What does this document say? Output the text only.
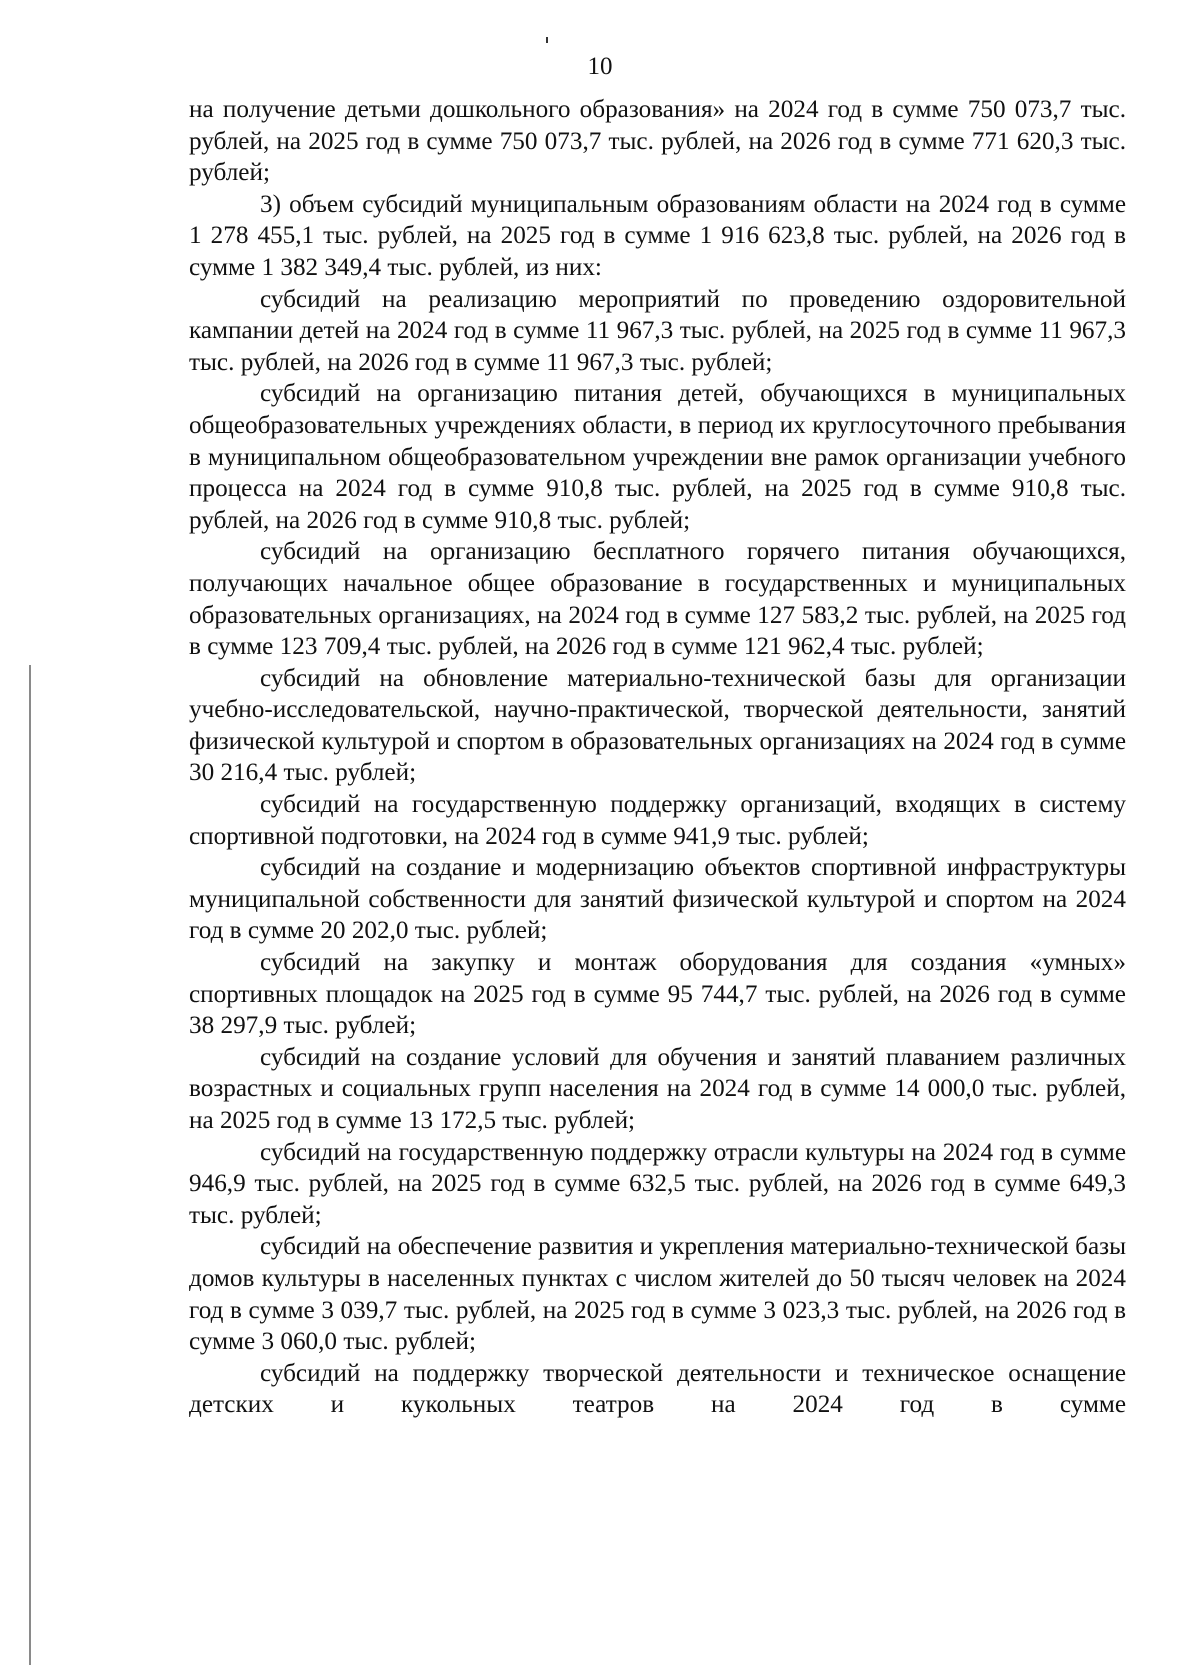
10

на получение детьми дошкольного образования» на 2024 год в сумме 750 073,7 тыс. рублей, на 2025 год в сумме 750 073,7 тыс. рублей, на 2026 год в сумме 771 620,3 тыс. рублей;

3) объем субсидий муниципальным образованиям области на 2024 год в сумме 1 278 455,1 тыс. рублей, на 2025 год в сумме 1 916 623,8 тыс. рублей, на 2026 год в сумме 1 382 349,4 тыс. рублей, из них:

субсидий на реализацию мероприятий по проведению оздоровительной кампании детей на 2024 год в сумме 11 967,3 тыс. рублей, на 2025 год в сумме 11 967,3 тыс. рублей, на 2026 год в сумме 11 967,3 тыс. рублей;

субсидий на организацию питания детей, обучающихся в муниципальных общеобразовательных учреждениях области, в период их круглосуточного пребывания в муниципальном общеобразовательном учреждении вне рамок организации учебного процесса на 2024 год в сумме 910,8 тыс. рублей, на 2025 год в сумме 910,8 тыс. рублей, на 2026 год в сумме 910,8 тыс. рублей;

субсидий на организацию бесплатного горячего питания обучающихся, получающих начальное общее образование в государственных и муниципальных образовательных организациях, на 2024 год в сумме 127 583,2 тыс. рублей, на 2025 год в сумме 123 709,4 тыс. рублей, на 2026 год в сумме 121 962,4 тыс. рублей;

субсидий на обновление материально-технической базы для организации учебно-исследовательской, научно-практической, творческой деятельности, занятий физической культурой и спортом в образовательных организациях на 2024 год в сумме 30 216,4 тыс. рублей;

субсидий на государственную поддержку организаций, входящих в систему спортивной подготовки, на 2024 год в сумме 941,9 тыс. рублей;

субсидий на создание и модернизацию объектов спортивной инфраструктуры муниципальной собственности для занятий физической культурой и спортом на 2024 год в сумме 20 202,0 тыс. рублей;

субсидий на закупку и монтаж оборудования для создания «умных» спортивных площадок на 2025 год в сумме 95 744,7 тыс. рублей, на 2026 год в сумме 38 297,9 тыс. рублей;

субсидий на создание условий для обучения и занятий плаванием различных возрастных и социальных групп населения на 2024 год в сумме 14 000,0 тыс. рублей, на 2025 год в сумме 13 172,5 тыс. рублей;

субсидий на государственную поддержку отрасли культуры на 2024 год в сумме 946,9 тыс. рублей, на 2025 год в сумме 632,5 тыс. рублей, на 2026 год в сумме 649,3 тыс. рублей;

субсидий на обеспечение развития и укрепления материально-технической базы домов культуры в населенных пунктах с числом жителей до 50 тысяч человек на 2024 год в сумме 3 039,7 тыс. рублей, на 2025 год в сумме 3 023,3 тыс. рублей, на 2026 год в сумме 3 060,0 тыс. рублей;

субсидий на поддержку творческой деятельности и техническое оснащение детских и кукольных театров на 2024 год в сумме
